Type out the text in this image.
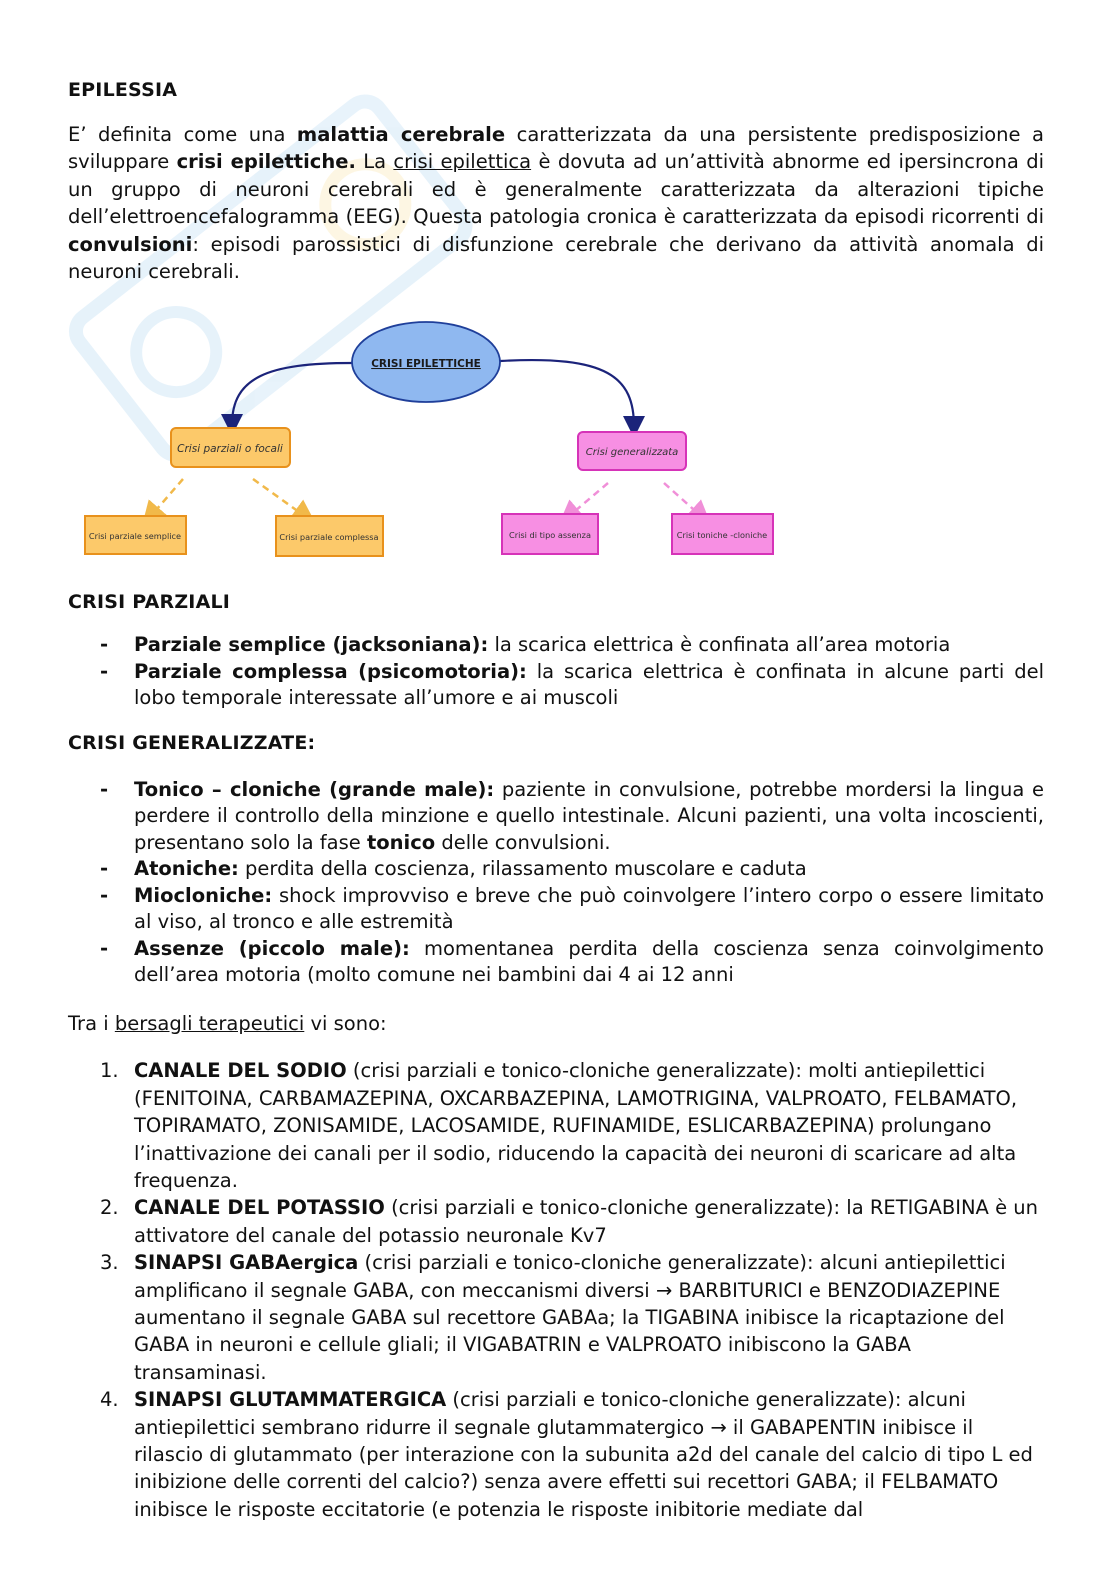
EPILESSIA

E’ definita come una malattia cerebrale caratterizzata da una persistente predisposizione a sviluppare crisi epilettiche. La crisi epilettica è dovuta ad un’attività abnorme ed ipersincrona di un gruppo di neuroni cerebrali ed è generalmente caratterizzata da alterazioni tipiche dell’elettroencefalogramma (EEG). Questa patologia cronica è caratterizzata da episodi ricorrenti di convulsioni: episodi parossistici di disfunzione cerebrale che derivano da attività anomala di neuroni cerebrali.

CRISI EPILETTICHE
Crisi parziali o focali	Crisi generalizzata
Crisi parziale semplice	Crisi parziale complessa	Crisi di tipo assenza	Crisi toniche -cloniche
CRISI PARZIALI
- Parziale semplice (jacksoniana): la scarica elettrica è confinata all’area motoria
- Parziale complessa (psicomotoria): la scarica elettrica è confinata in alcune parti del lobo temporale interessate all’umore e ai muscoli
CRISI GENERALIZZATE:
- Tonico – cloniche (grande male): paziente in convulsione, potrebbe mordersi la lingua e perdere il controllo della minzione e quello intestinale. Alcuni pazienti, una volta incoscienti, presentano solo la fase tonico delle convulsioni.
- Atoniche: perdita della coscienza, rilassamento muscolare e caduta
- Miocloniche: shock improvviso e breve che può coinvolgere l’intero corpo o essere limitato al viso, al tronco e alle estremità
- Assenze (piccolo male): momentanea perdita della coscienza senza coinvolgimento dell’area motoria (molto comune nei bambini dai 4 ai 12 anni

Tra i bersagli terapeutici vi sono:

1. CANALE DEL SODIO (crisi parziali e tonico-cloniche generalizzate): molti antiepilettici (FENITOINA, CARBAMAZEPINA, OXCARBAZEPINA, LAMOTRIGINA, VALPROATO, FELBAMATO, TOPIRAMATO, ZONISAMIDE, LACOSAMIDE, RUFINAMIDE, ESLICARBAZEPINA) prolungano l’inattivazione dei canali per il sodio, riducendo la capacità dei neuroni di scaricare ad alta frequenza.
2. CANALE DEL POTASSIO (crisi parziali e tonico-cloniche generalizzate): la RETIGABINA è un attivatore del canale del potassio neuronale Kv7
3. SINAPSI GABAergica (crisi parziali e tonico-cloniche generalizzate): alcuni antiepilettici amplificano il segnale GABA, con meccanismi diversi → BARBITURICI e BENZODIAZEPINE aumentano il segnale GABA sul recettore GABAa; la TIGABINA inibisce la ricaptazione del GABA in neuroni e cellule gliali; il VIGABATRIN e VALPROATO inibiscono la GABA transaminasi.
4. SINAPSI GLUTAMMATERGICA (crisi parziali e tonico-cloniche generalizzate): alcuni antiepilettici sembrano ridurre il segnale glutammatergico → il GABAPENTIN inibisce il rilascio di glutammato (per interazione con la subunita a2d del canale del calcio di tipo L ed inibizione delle correnti del calcio?) senza avere effetti sui recettori GABA; il FELBAMATO inibisce le risposte eccitatorie (e potenzia le risposte inibitorie mediate dal
